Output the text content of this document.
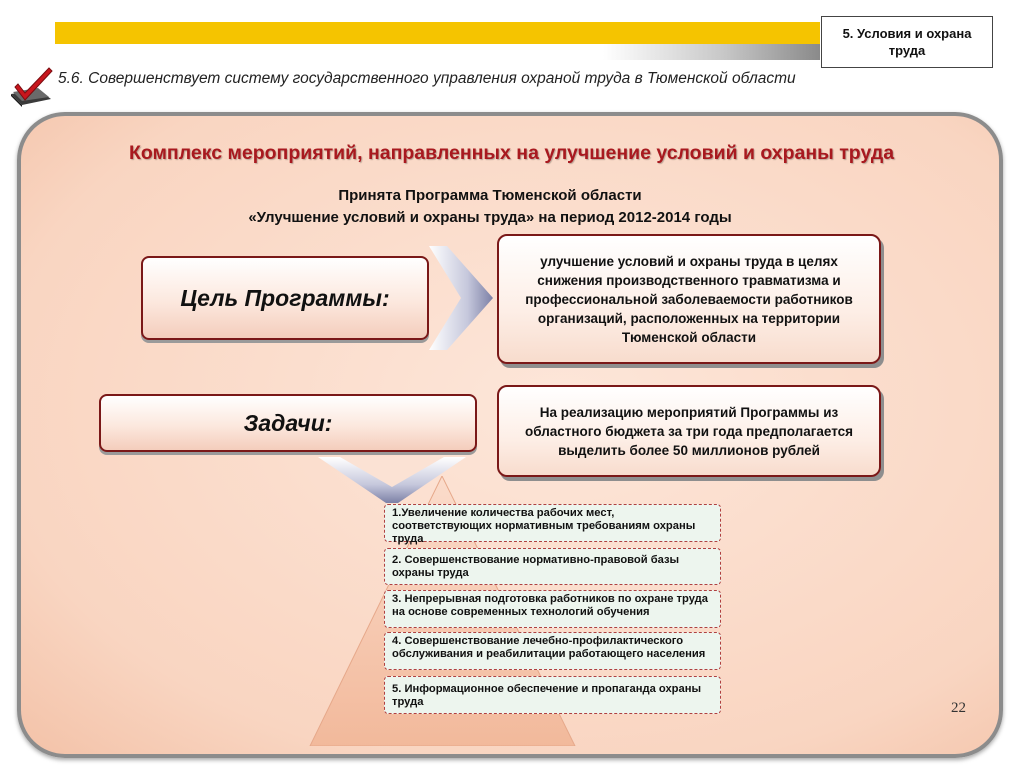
5. Условия и охрана труда
5.6. Совершенствует систему государственного управления охраной труда в Тюменской области
Комплекс мероприятий, направленных на улучшение условий и охраны труда
Принята Программа Тюменской области
«Улучшение условий и охраны труда» на период 2012-2014 годы
Цель Программы:
улучшение условий и охраны труда в целях снижения производственного травматизма и профессиональной заболеваемости работников организаций, расположенных на территории Тюменской области
Задачи:	На реализацию мероприятий Программы из областного бюджета за три года предполагается выделить более 50 миллионов рублей
1.Увеличение количества рабочих мест, соответствующих нормативным требованиям охраны труда
2. Совершенствование нормативно-правовой базы охраны труда
3. Непрерывная подготовка работников по охране труда на основе современных технологий обучения
4. Совершенствование лечебно-профилактического обслуживания и реабилитации работающего населения
5. Информационное обеспечение и пропаганда охраны труда	22
